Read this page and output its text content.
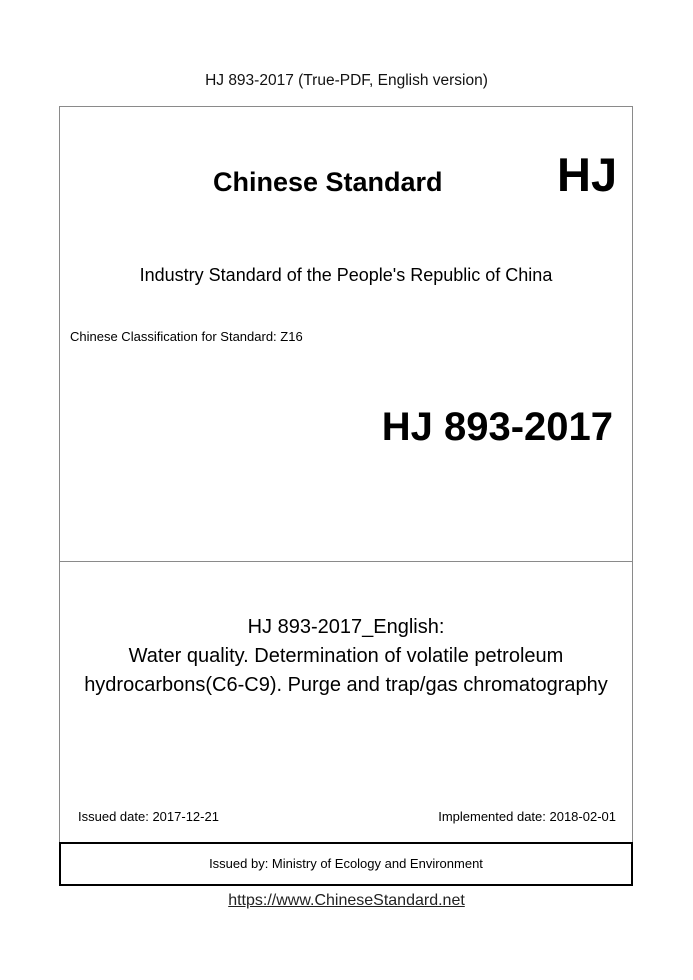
HJ 893-2017 (True-PDF, English version)
Chinese Standard HJ
Industry Standard of the People's Republic of China
Chinese Classification for Standard: Z16
HJ 893-2017
HJ 893-2017_English:
Water quality. Determination of volatile petroleum
hydrocarbons(C6-C9). Purge and trap/gas chromatography
Issued date: 2017-12-21	Implemented date: 2018-02-01
Issued by: Ministry of Ecology and Environment
https://www.ChineseStandard.net
